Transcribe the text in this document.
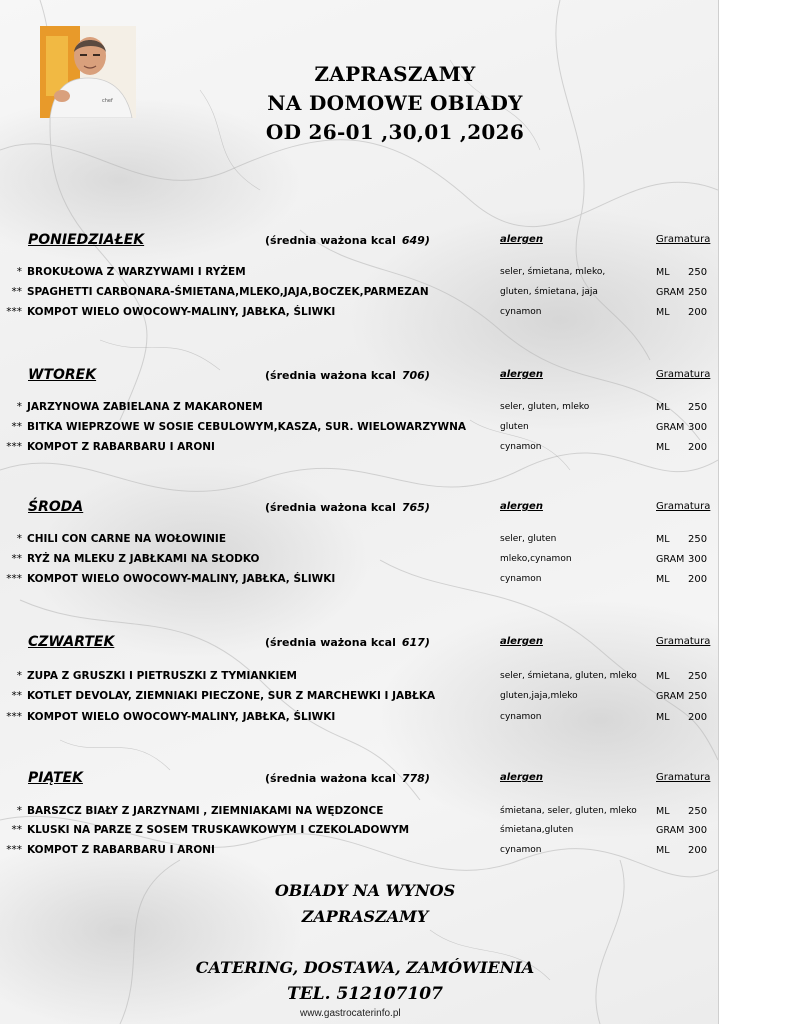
chef
ZAPRASZAMY
NA DOMOWE OBIADY
OD 26-01 ,30,01 ,2026
PONIEDZIAŁEK	(średnia ważona kcal 649)	alergen	Gramatura
* BROKUŁOWA Z WARZYWAMI I RYŻEM	seler, śmietana, mleko,	ML 250
** SPAGHETTI CARBONARA-ŚMIETANA,MLEKO,JAJA,BOCZEK,PARMEZAN	gluten, śmietana, jaja	GRAM 250
*** KOMPOT WIELO OWOCOWY-MALINY, JABŁKA, ŚLIWKI	cynamon	ML 200
WTOREK	(średnia ważona kcal 706)	alergen	Gramatura
* JARZYNOWA ZABIELANA Z MAKARONEM	seler, gluten, mleko	ML 250
** BITKA WIEPRZOWE W SOSIE CEBULOWYM,KASZA, SUR. WIELOWARZYWNA	gluten	GRAM 300
*** KOMPOT Z RABARBARU I ARONI	cynamon	ML 200
ŚRODA	(średnia ważona kcal 765)	alergen	Gramatura
* CHILI CON CARNE NA WOŁOWINIE	seler, gluten	ML 250
** RYŻ NA MLEKU Z JABŁKAMI NA SŁODKO	mleko,cynamon	GRAM 300
*** KOMPOT WIELO OWOCOWY-MALINY, JABŁKA, ŚLIWKI	cynamon	ML 200
CZWARTEK	(średnia ważona kcal 617)	alergen	Gramatura
* ZUPA Z GRUSZKI I PIETRUSZKI Z TYMIANKIEM	seler, śmietana, gluten, mleko ML 250
** KOTLET DEVOLAY, ZIEMNIAKI PIECZONE, SUR Z MARCHEWKI I JABŁKA	gluten,jaja,mleko	GRAM 250
*** KOMPOT WIELO OWOCOWY-MALINY, JABŁKA, ŚLIWKI	cynamon	ML 200
PIĄTEK	(średnia ważona kcal 778)	alergen	Gramatura
* BARSZCZ BIAŁY Z JARZYNAMI , ZIEMNIAKAMI NA WĘDZONCE	śmietana, seler, gluten, mleko ML 250
** KLUSKI NA PARZE Z SOSEM TRUSKAWKOWYM I CZEKOLADOWYM	śmietana,gluten	GRAM 300
*** KOMPOT Z RABARBARU I ARONI	cynamon	ML 200
OBIADY NA WYNOS
ZAPRASZAMY
CATERING, DOSTAWA, ZAMÓWIENIA
TEL. 512107107
www.gastrocaterinfo.pl
